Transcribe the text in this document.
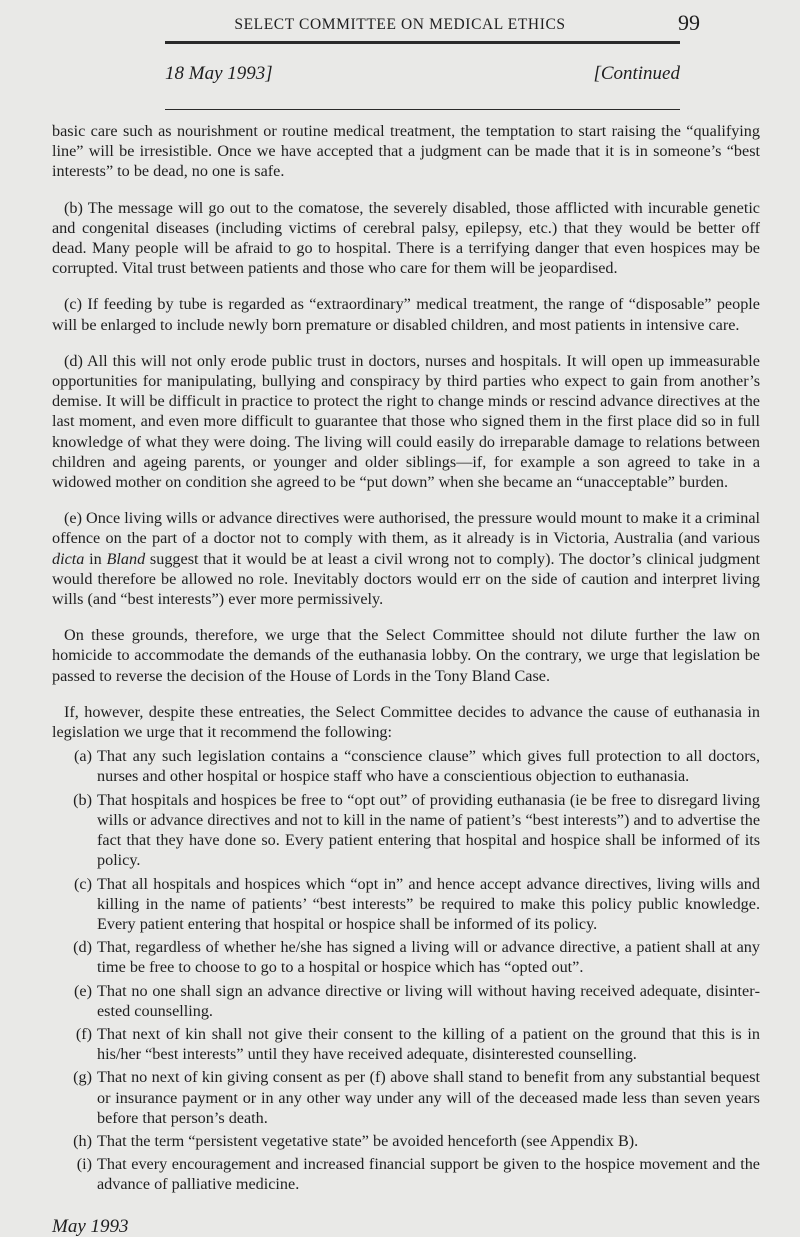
SELECT COMMITTEE ON MEDICAL ETHICS	99
18 May 1993]	[Continued

basic care such as nourishment or routine medical treatment, the temptation to start raising the “qualifying line” will be irresistible. Once we have accepted that a judgment can be made that it is in someone’s “best interests” to be dead, no one is safe.

(b) The message will go out to the comatose, the severely disabled, those afflicted with incurable genetic and congenital diseases (including victims of cerebral palsy, epilepsy, etc.) that they would be better off dead. Many people will be afraid to go to hospital. There is a terrifying danger that even hospices may be corrupted. Vital trust between patients and those who care for them will be jeopardised.

(c) If feeding by tube is regarded as “extraordinary” medical treatment, the range of “disposable” people will be enlarged to include newly born premature or disabled children, and most patients in intensive care.

(d) All this will not only erode public trust in doctors, nurses and hospitals. It will open up immeasurable opportunities for manipulating, bullying and conspiracy by third parties who expect to gain from another’s demise. It will be difficult in practice to protect the right to change minds or rescind advance directives at the last moment, and even more difficult to guarantee that those who signed them in the first place did so in full knowledge of what they were doing. The living will could easily do irreparable damage to relations between children and ageing parents, or younger and older siblings—if, for example a son agreed to take in a widowed mother on condition she agreed to be “put down” when she became an “unacceptable” burden.

(e) Once living wills or advance directives were authorised, the pressure would mount to make it a criminal offence on the part of a doctor not to comply with them, as it already is in Victoria, Australia (and various dicta in Bland suggest that it would be at least a civil wrong not to comply). The doctor’s clinical judgment would therefore be allowed no role. Inevitably doctors would err on the side of caution and interpret living wills (and “best interests”) ever more permissively.

On these grounds, therefore, we urge that the Select Committee should not dilute further the law on homicide to accommodate the demands of the euthanasia lobby. On the contrary, we urge that legislation be passed to reverse the decision of the House of Lords in the Tony Bland Case.

If, however, despite these entreaties, the Select Committee decides to advance the cause of euthanasia in legislation we urge that it recommend the following:

(a) That any such legislation contains a “conscience clause” which gives full protection to all doctors, nurses and other hospital or hospice staff who have a conscientious objection to euthanasia.
(b) That hospitals and hospices be free to “opt out” of providing euthanasia (ie be free to disregard living wills or advance directives and not to kill in the name of patient’s “best interests”) and to advertise the fact that they have done so. Every patient entering that hospital and hospice shall be informed of its policy.
(c) That all hospitals and hospices which “opt in” and hence accept advance directives, living wills and killing in the name of patients’ “best interests” be required to make this policy public knowledge. Every patient entering that hospital or hospice shall be informed of its policy.
(d) That, regardless of whether he/she has signed a living will or advance directive, a patient shall at any time be free to choose to go to a hospital or hospice which has “opted out”.
(e) That no one shall sign an advance directive or living will without having received adequate, disinterested counselling.
(f) That next of kin shall not give their consent to the killing of a patient on the ground that this is in his/her “best interests” until they have received adequate, disinterested counselling.
(g) That no next of kin giving consent as per (f) above shall stand to benefit from any substantial bequest or insurance payment or in any other way under any will of the deceased made less than seven years before that person’s death.
(h) That the term “persistent vegetative state” be avoided henceforth (see Appendix B).
(i) That every encouragement and increased financial support be given to the hospice movement and the advance of palliative medicine.
May 1993
